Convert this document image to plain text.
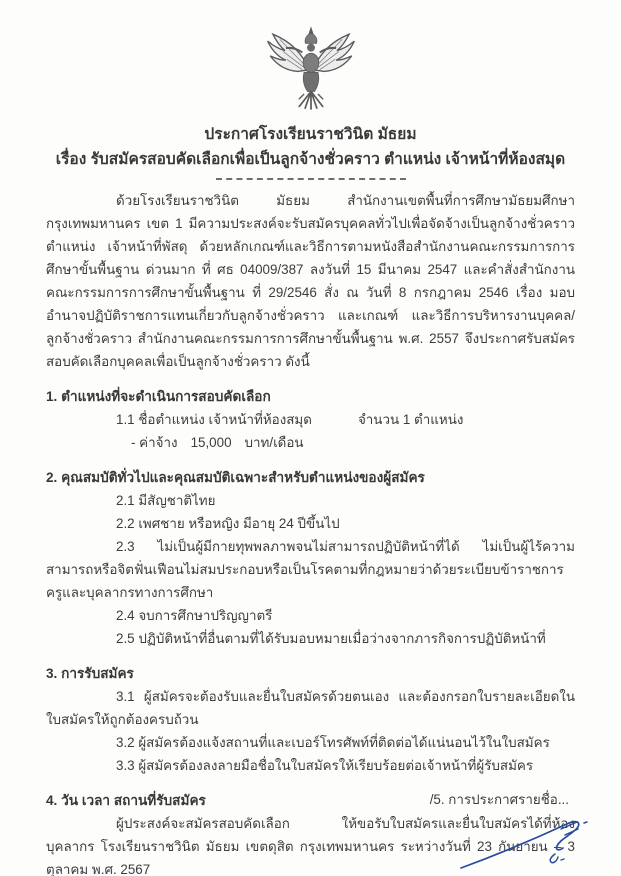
ประกาศโรงเรียนราชวินิต มัธยม
เรื่อง รับสมัครสอบคัดเลือกเพื่อเป็นลูกจ้างชั่วคราว ตำแหน่ง เจ้าหน้าที่ห้องสมุด

ด้วยโรงเรียนราชวินิต มัธยม สำนักงานเขตพื้นที่การศึกษามัธยมศึกษากรุงเทพมหานคร เขต 1 มีความประสงค์จะรับสมัครบุคคลทั่วไปเพื่อจัดจ้างเป็นลูกจ้างชั่วคราว ตำแหน่ง เจ้าหน้าที่พัสดุ ด้วยหลักเกณฑ์และวิธีการตามหนังสือสำนักงานคณะกรรมการการศึกษาขั้นพื้นฐาน ด่วนมาก ที่ ศธ 04009/387 ลงวันที่ 15 มีนาคม 2547 และคำสั่งสำนักงานคณะกรรมการการศึกษาขั้นพื้นฐาน ที่ 29/2546 สั่ง ณ วันที่ 8 กรกฎาคม 2546 เรื่อง มอบอำนาจปฏิบัติราชการแทนเกี่ยวกับลูกจ้างชั่วคราว และเกณฑ์ และวิธีการบริหารงานบุคคล/ลูกจ้างชั่วคราว สำนักงานคณะกรรมการการศึกษาขั้นพื้นฐาน พ.ศ. 2557 จึงประกาศรับสมัครสอบคัดเลือกบุคคลเพื่อเป็นลูกจ้างชั่วคราว ดังนี้

1. ตำแหน่งที่จะดำเนินการสอบคัดเลือก
1.1 ชื่อตำแหน่ง เจ้าหน้าที่ห้องสมุด	จำนวน 1 ตำแหน่ง
- ค่าจ้าง 15,000 บาท/เดือน
2. คุณสมบัติทั่วไปและคุณสมบัติเฉพาะสำหรับตำแหน่งของผู้สมัคร
2.1 มีสัญชาติไทย
2.2 เพศชาย หรือหญิง มีอายุ 24 ปีขึ้นไป
2.3 ไม่เป็นผู้มีกายทุพพลภาพจนไม่สามารถปฏิบัติหน้าที่ได้ ไม่เป็นผู้ไร้ความสามารถหรือจิตฟั่นเฟือนไม่สมประกอบหรือเป็นโรคตามที่กฎหมายว่าด้วยระเบียบข้าราชการครูและบุคลากรทางการศึกษา
2.4 จบการศึกษาปริญญาตรี
2.5 ปฏิบัติหน้าที่อื่นตามที่ได้รับมอบหมายเมื่อว่างจากภารกิจการปฏิบัติหน้าที่
3. การรับสมัคร
3.1 ผู้สมัครจะต้องรับและยื่นใบสมัครด้วยตนเอง และต้องกรอกใบรายละเอียดในใบสมัครให้ถูกต้องครบถ้วน
3.2 ผู้สมัครต้องแจ้งสถานที่และเบอร์โทรศัพท์ที่ติดต่อได้แน่นอนไว้ในใบสมัคร
3.3 ผู้สมัครต้องลงลายมือชื่อในใบสมัครให้เรียบร้อยต่อเจ้าหน้าที่ผู้รับสมัคร
4. วัน เวลา สถานที่รับสมัคร

ผู้ประสงค์จะสมัครสอบคัดเลือก ให้ขอรับใบสมัครและยื่นใบสมัครได้ที่ห้องบุคลากร โรงเรียนราชวินิต มัธยม เขตดุสิต กรุงเทพมหานคร ระหว่างวันที่ 23 กันยายน – 3 ตุลาคม พ.ศ. 2567

/5. การประกาศรายชื่อ...
